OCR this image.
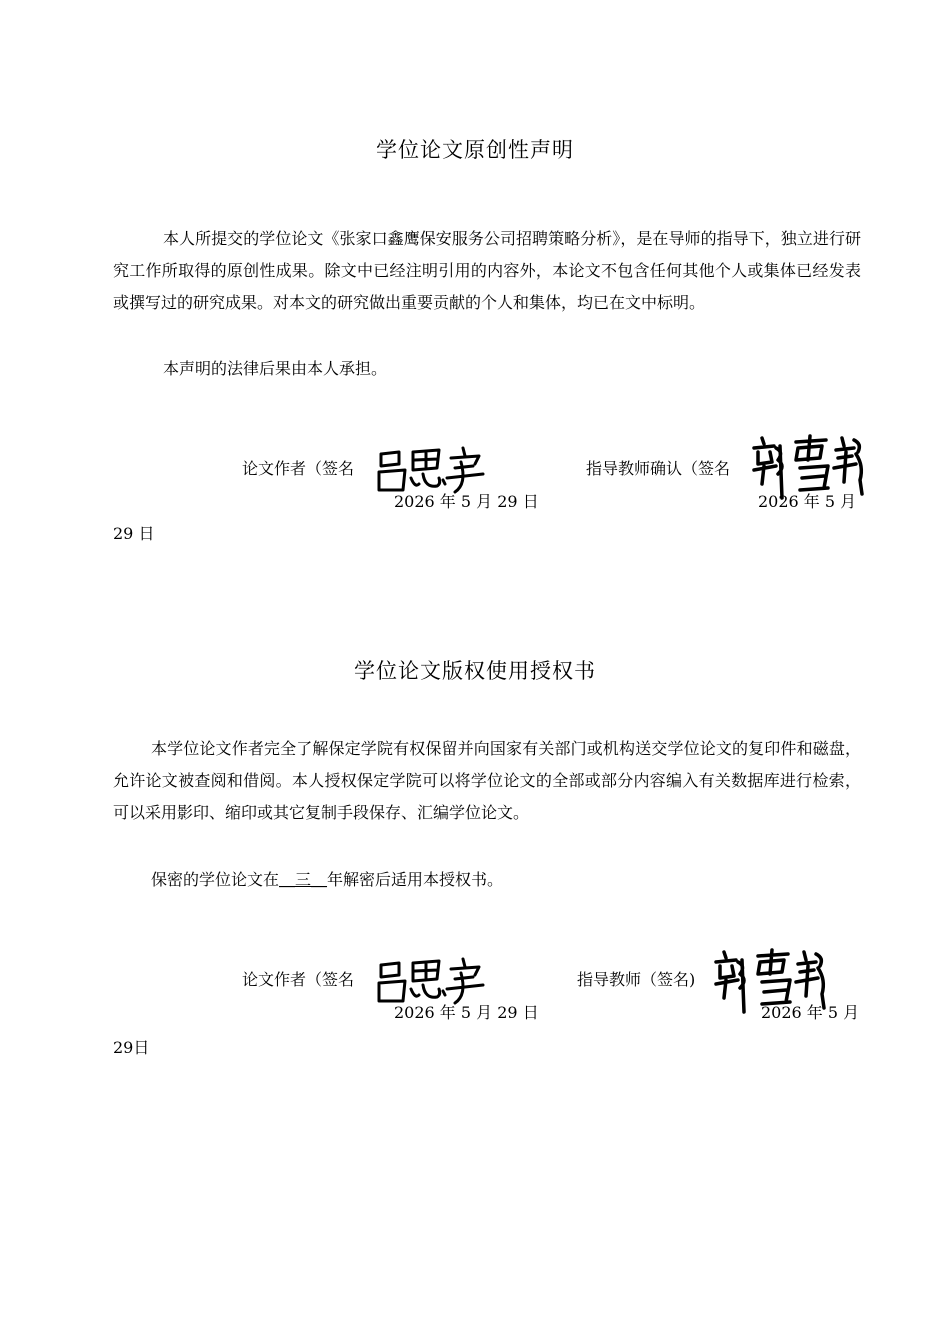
学位论文原创性声明
本人所提交的学位论文《张家口鑫鹰保安服务公司招聘策略分析》，是在导师的指导下，独立进行研究工作所取得的原创性成果。除文中已经注明引用的内容外，本论文不包含任何其他个人或集体已经发表或撰写过的研究成果。对本文的研究做出重要贡献的个人和集体，均已在文中标明。
本声明的法律后果由本人承担。
论文作者（签名
2026 年 5 月 29 日
指导教师确认（签名
2026 年 5 月
29 日
学位论文版权使用授权书
本学位论文作者完全了解保定学院有权保留并向国家有关部门或机构送交学位论文的复印件和磁盘，允许论文被查阅和借阅。本人授权保定学院可以将学位论文的全部或部分内容编入有关数据库进行检索，可以采用影印、缩印或其它复制手段保存、汇编学位论文。
保密的学位论文在＿三＿年解密后适用本授权书。
论文作者（签名
2026 年 5 月 29 日
指导教师（签名)
2026 年 5 月
29日
